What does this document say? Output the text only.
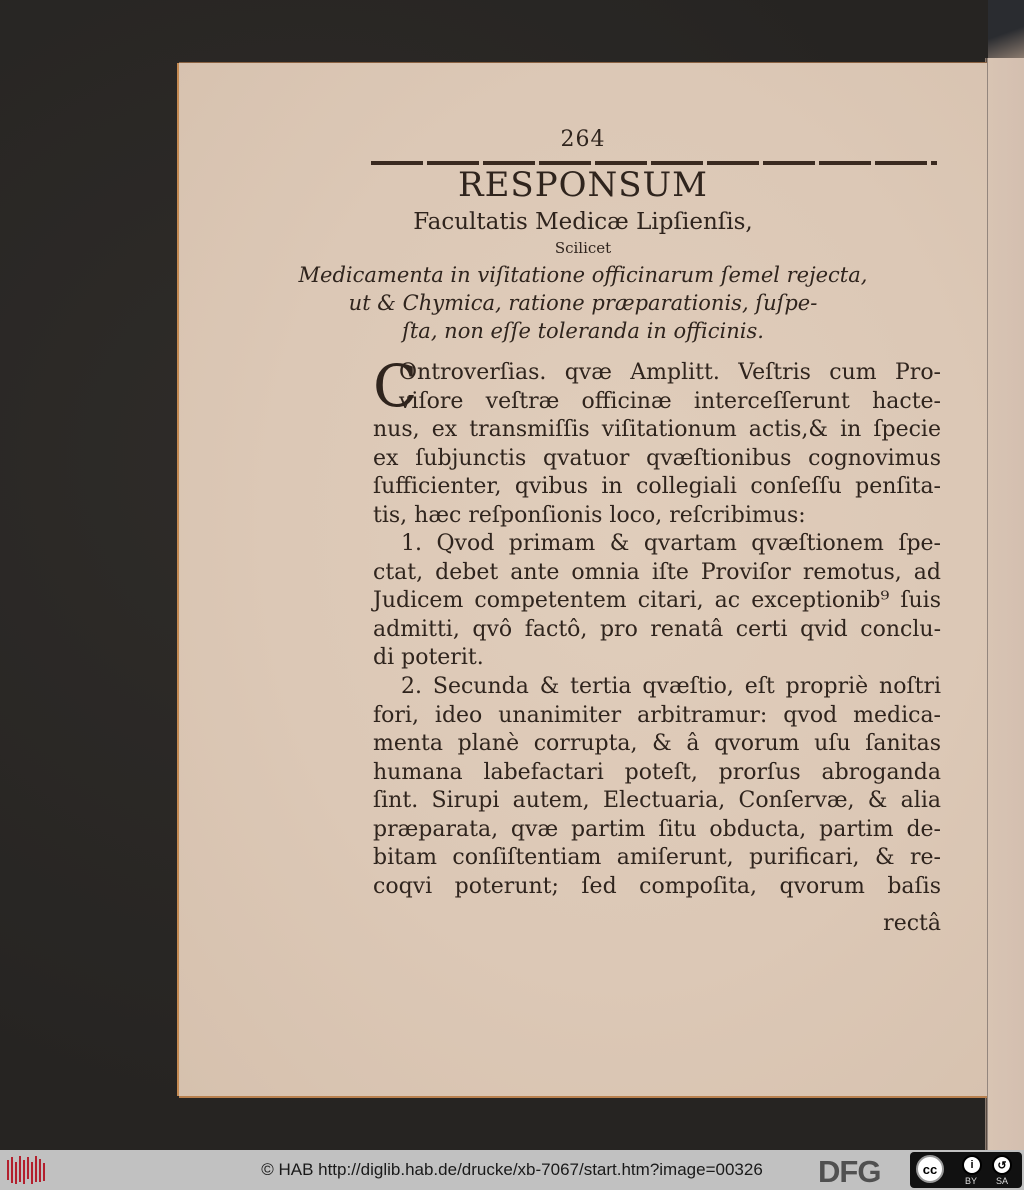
264
RESPONSUM
Facultatis Medicæ Lipſienſis,
Scilicet
Medicamenta in viſitatione officinarum ſemel rejecta,
ut & Chymica, ratione præparationis, ſuſpe-
ſta, non eſſe toleranda in officinis.
C
Ontroverſias. qvæ Amplitt. Veſtris cum Pro-
viſore veſtræ officinæ interceſſerunt hacte-
nus, ex transmiſſis viſitationum actis,& in ſpecie
ex ſubjunctis qvatuor qvæſtionibus cognovimus
ſufficienter, qvibus in collegiali conſeſſu penſita-
tis, hæc reſponſionis loco, reſcribimus:
1. Qvod primam & qvartam qvæſtionem ſpe-
ctat, debet ante omnia iſte Proviſor remotus, ad
Judicem competentem citari, ac exceptionib⁹ ſuis
admitti, qvô factô, pro renatâ certi qvid conclu-
di poterit.
2. Secunda & tertia qvæſtio, eſt propriè noſtri
fori, ideo unanimiter arbitramur: qvod medica-
menta planè corrupta, & â qvorum uſu ſanitas
humana labefactari poteſt, prorſus abroganda
ſint. Sirupi autem, Electuaria, Conſervæ, & alia
præparata, qvæ partim ſitu obducta, partim de-
bitam conſiſtentiam amiſerunt, purificari, & re-
coqvi poterunt; ſed compoſita, qvorum baſis
rectâ
© HAB http://diglib.hab.de/drucke/xb-7067/start.htm?image=00326	DFG	cc	i	↺
BY SA
